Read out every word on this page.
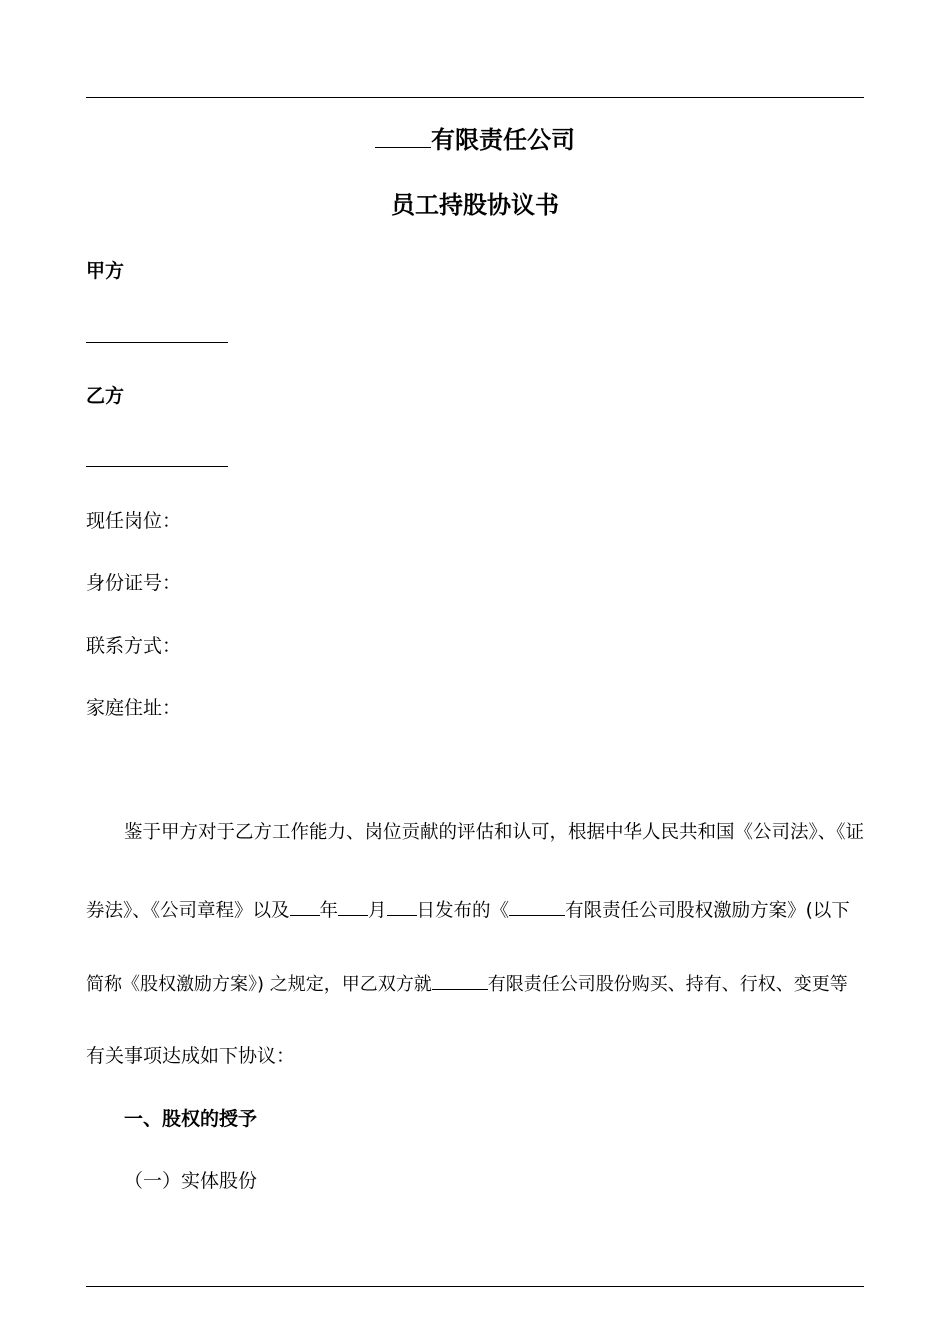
有限责任公司
员工持股协议书
甲方
乙方
现任岗位：
身份证号：
联系方式：
家庭住址：
鉴于甲方对于乙方工作能力、岗位贡献的评估和认可，根据中华人民共和国《公司法》、《证
券法》、《公司章程》以及 年 月 日发布的《	有限责任公司股权激励方案》(以下
简称《股权激励方案》) 之规定，甲乙双方就	有限责任公司股份购买、持有、行权、变更等
有关事项达成如下协议：
一、股权的授予
（一）实体股份
